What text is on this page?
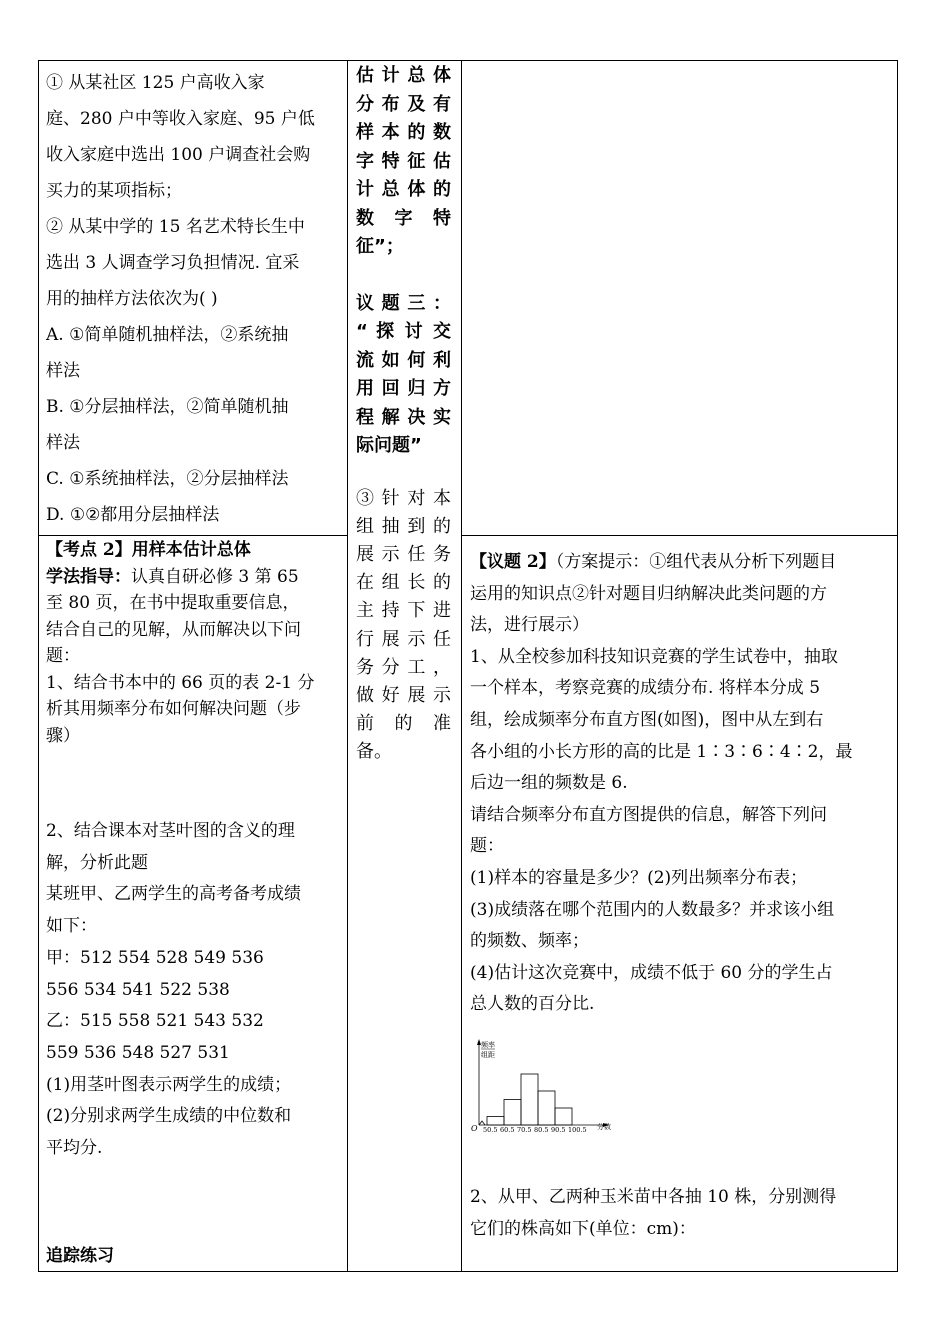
① 从某社区 125 户高收入家

庭、280 户中等收入家庭、95 户低

收入家庭中选出 100 户调查社会购

买力的某项指标；

② 从某中学的 15 名艺术特长生中

选出 3 人调查学习负担情况. 宜采

用的抽样方法依次为( )

A. ①简单随机抽样法，②系统抽

样法

B. ①分层抽样法，②简单随机抽

样法

C. ①系统抽样法，②分层抽样法

D. ①②都用分层抽样法

【考点 2】用样本估计总体

学法指导：认真自研必修 3 第 65

至 80 页，在书中提取重要信息，

结合自己的见解，从而解决以下问

题：

1、结合书本中的 66 页的表 2-1 分

析其用频率分布如何解决问题（步

骤）

2、结合课本对茎叶图的含义的理

解，分析此题

某班甲、乙两学生的高考备考成绩

如下：

甲：512 554 528 549 536

556 534 541 522 538

乙：515 558 521 543 532

559 536 548 527 531

(1)用茎叶图表示两学生的成绩；

(2)分别求两学生成绩的中位数和

平均分.

追踪练习

估计总体

分布及有

样本的数

字特征估

计总体的

数 字 特

征”；

议 题 三 ：

“ 探 讨 交

流如何利

用回归方

程解决实

际问题”

③ 针 对 本

组 抽 到 的

展 示 任 务

在 组 长 的

主 持 下 进

行 展 示 任

务 分 工 ，

做 好 展 示

前 的 准

备。

【议题 2】（方案提示：①组代表从分析下列题目

运用的知识点②针对题目归纳解决此类问题的方

法，进行展示）

1、从全校参加科技知识竞赛的学生试卷中，抽取

一个样本，考察竞赛的成绩分布. 将样本分成 5

组，绘成频率分布直方图(如图)，图中从左到右

各小组的小长方形的高的比是 1∶3∶6∶4∶2，最

后边一组的频数是 6.

请结合频率分布直方图提供的信息，解答下列问

题：

(1)样本的容量是多少？(2)列出频率分布表；

(3)成绩落在哪个范围内的人数最多？并求该小组

的频数、频率；

(4)估计这次竞赛中，成绩不低于 60 分的学生占

总人数的百分比.

频率
组距
O	分数
50.5 60.5 70.5 80.5 90.5 100.5

2、从甲、乙两种玉米苗中各抽 10 株，分别测得

它们的株高如下(单位：cm)：
